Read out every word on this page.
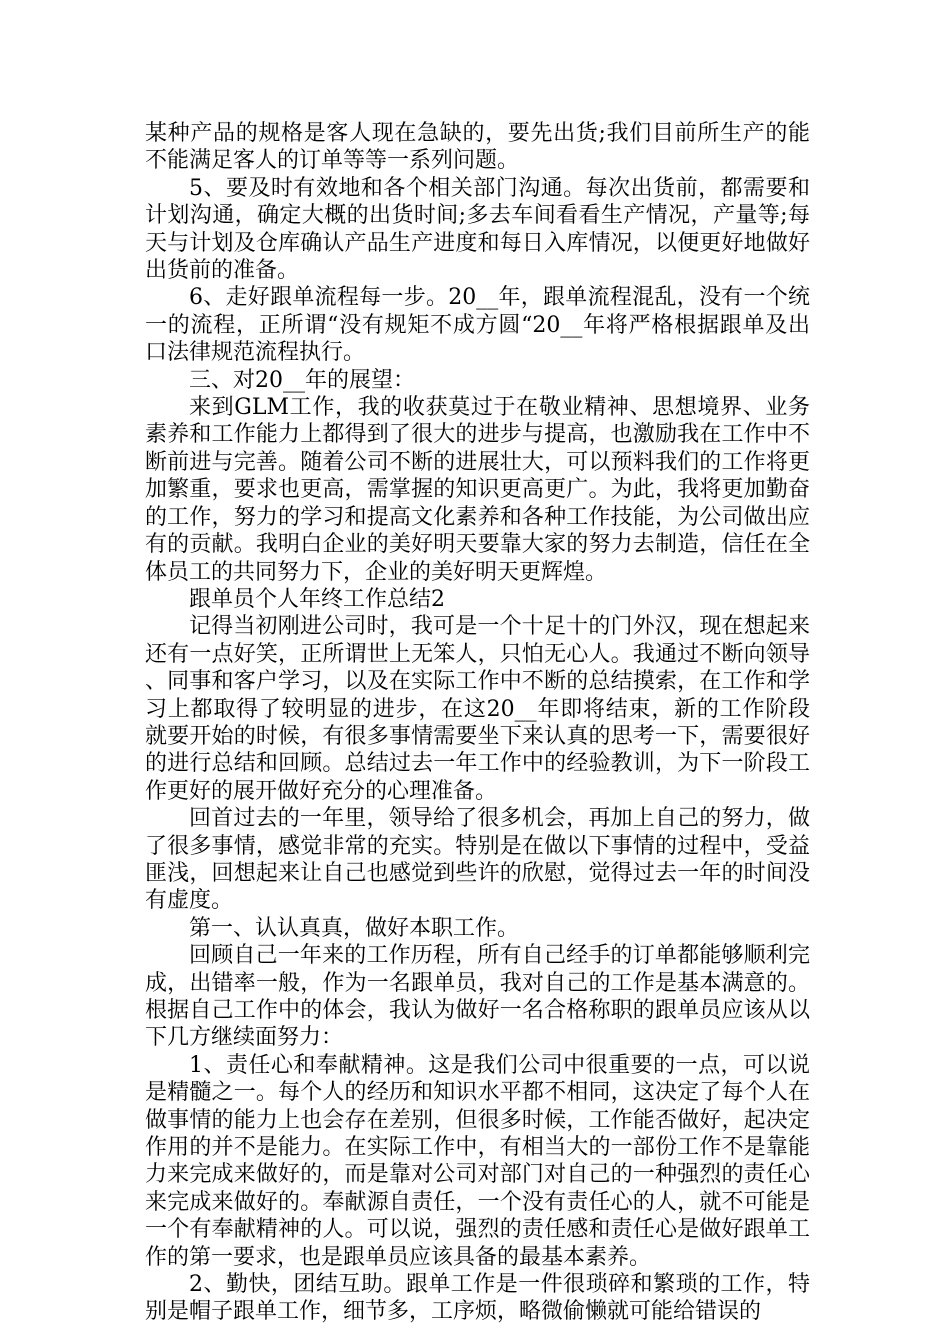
某种产品的规格是客人现在急缺的，要先出货;我们目前所生产的能不能满足客人的订单等等一系列问题。

5、要及时有效地和各个相关部门沟通。每次出货前，都需要和计划沟通，确定大概的出货时间;多去车间看看生产情况，产量等;每天与计划及仓库确认产品生产进度和每日入库情况，以便更好地做好出货前的准备。

6、走好跟单流程每一步。20__年，跟单流程混乱，没有一个统一的流程，正所谓“没有规矩不成方圆“20__年将严格根据跟单及出口法律规范流程执行。

三、对20__年的展望：

来到GLM工作，我的收获莫过于在敬业精神、思想境界、业务素养和工作能力上都得到了很大的进步与提高，也激励我在工作中不断前进与完善。随着公司不断的进展壮大，可以预料我们的工作将更加繁重，要求也更高，需掌握的知识更高更广。为此，我将更加勤奋的工作，努力的学习和提高文化素养和各种工作技能，为公司做出应有的贡献。我明白企业的美好明天要靠大家的努力去制造，信任在全体员工的共同努力下，企业的美好明天更辉煌。

跟单员个人年终工作总结2

记得当初刚进公司时，我可是一个十足十的门外汉，现在想起来还有一点好笑，正所谓世上无笨人，只怕无心人。我通过不断向领导、同事和客户学习，以及在实际工作中不断的总结摸索，在工作和学习上都取得了较明显的进步，在这20__年即将结束，新的工作阶段就要开始的时候，有很多事情需要坐下来认真的思考一下，需要很好的进行总结和回顾。总结过去一年工作中的经验教训，为下一阶段工作更好的展开做好充分的心理准备。

回首过去的一年里，领导给了很多机会，再加上自己的努力，做了很多事情，感觉非常的充实。特别是在做以下事情的过程中，受益匪浅，回想起来让自己也感觉到些许的欣慰，觉得过去一年的时间没有虚度。

第一、认认真真，做好本职工作。

回顾自己一年来的工作历程，所有自己经手的订单都能够顺利完成，出错率一般，作为一名跟单员，我对自己的工作是基本满意的。根据自己工作中的体会，我认为做好一名合格称职的跟单员应该从以下几方继续面努力：

1、责任心和奉献精神。这是我们公司中很重要的一点，可以说是精髓之一。每个人的经历和知识水平都不相同，这决定了每个人在做事情的能力上也会存在差别，但很多时候，工作能否做好，起决定作用的并不是能力。在实际工作中，有相当大的一部份工作不是靠能力来完成来做好的，而是靠对公司对部门对自己的一种强烈的责任心来完成来做好的。奉献源自责任，一个没有责任心的人，就不可能是一个有奉献精神的人。可以说，强烈的责任感和责任心是做好跟单工作的第一要求，也是跟单员应该具备的最基本素养。

2、勤快，团结互助。跟单工作是一件很琐碎和繁琐的工作，特别是帽子跟单工作，细节多，工序烦，略微偷懒就可能给错误的
